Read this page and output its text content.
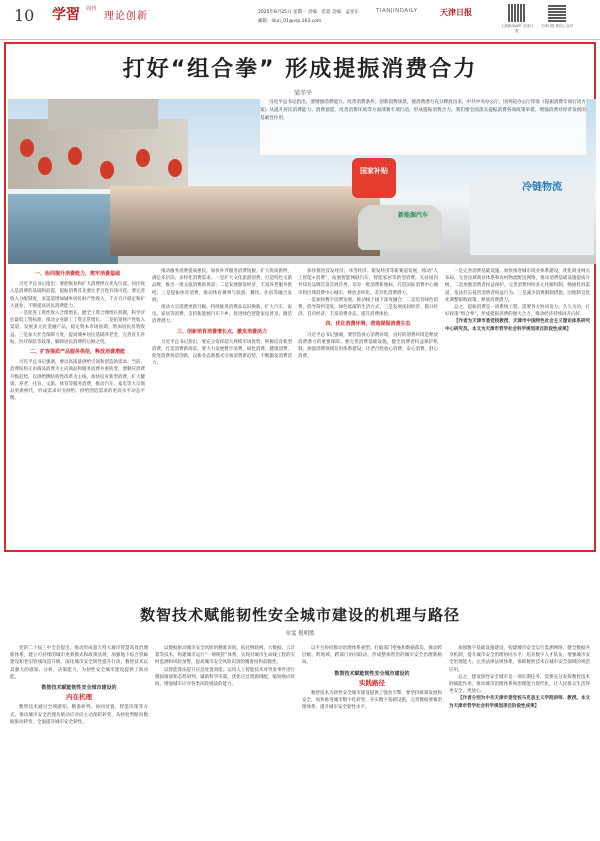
10 学習 周刊
理论创新	2025年8月25日 星期一 责编：范超 美编：孟宪东
邮箱：lilun_01@vip.163.com
TIANJINDAILY	天津日报
上游新闻APP 天津日报
天津日报 微信公众号
打好“组合拳” 形成提振消费合力
梁辛平
国家补贴
新能源汽车
冷链物流

习近平总书记指出，要增强消费能力，改善消费条件，创新消费场景，使消费潜力充分释放出来，中共中央办公厅、国务院办公厅印发《提振消费专项行动方案》从提升居民消费能力、消费意愿、改善消费环境等方面部署专项行动，形成提振消费合力。我们要全面落实提振消费各项政策举措，增强消费对经济发展的基础性作用。

一、协同提升消费能力，筑牢消费基础
习近平总书记指出：要把恢复和扩大消费摆在优先位置。居民收入是消费的基础和前提，提振消费首先要让老百姓有钱可花。要完善收入分配制度，多渠道增加城乡居民财产性收入，千方百计稳定和扩大就业，不断提高居民消费能力。
一是促进工资性收入合理增长。健全工资合理增长机制，科学评估最低工资标准，推动企业职工工资正常增长。二是拓宽财产性收入渠道，发展多元化金融产品，稳定资本市场预期，增加居民投资收益。三是加大社会保障力度，提高城乡居民基础养老金，完善育儿补贴、医疗保险等政策，解除居民消费的后顾之忧。
二、扩容提质产品服务供给，释放消费潜能
习近平总书记强调，要以高质量供给引领和创造新需求。当前，消费结构正由商品消费为主向商品和服务消费并重转变，要顺应消费升级趋势，以供给侧结构性改革为主线，加快培育新型消费，扩大健康、养老、托育、文旅、体育等服务消费，推动汽车、家电等大宗商品更新换代，形成需求牵引供给、供给创造需求的更高水平动态平衡。
推动服务消费提质惠民。加快补齐服务消费短板，扩大优质供给，满足多层次、多样化消费需求。一是扩大文化旅游消费，打造特色文旅品牌，推出一批文旅消费新场景；二是发展银发经济，丰富养老服务供给；三是提振体育消费，推动体育赛事与旅游、餐饮、住宿等融合发展。
推动大宗消费更新升级。持续推进消费品以旧换新，扩大汽车、家电、家居等消费，支持新能源汽车下乡，促进绿色智能家电普及，激活消费潜力。
三、创新培育消费增长点，激发消费活力
习近平总书记指出，要充分发挥超大规模市场优势，积极培育新型消费，打造消费新场景。要大力发展数字消费、绿色消费、健康消费，促进消费场景创新，以新业态新模式引领消费新趋势，不断激发消费活力。
加快推进首发经济、冰雪经济、银发经济等新赛道发展，推动“人工智能+消费”，拓展智能网联汽车、智能家居等新型消费。支持国内外知名品牌首发首展首秀，培育一批消费新地标，打造国际消费中心城市和区域消费中心城市，释放多样化、差异化消费潜力。
一是加快数字消费发展，推动线上线下深度融合；二是培育绿色消费，倡导简约适度、绿色低碳的生活方式；三是发展夜间经济、假日经济、首店经济，丰富消费业态，提升消费体验。
四、优化消费环境，营造提振消费生态
习近平总书记强调，要营造放心消费环境。良好的消费环境是释放消费潜力的重要保障。要完善消费基础设施，健全消费者权益保护机制，加强消费领域信用体系建设，让老百姓放心消费、安心消费、舒心消费。
一是完善消费基础设施。加快推进城市商业体系建设，优化商业网点布局，完善县域商业体系和农村物流配送网络，推动消费基础设施提质升级。二是加强消费者权益保护。完善消费纠纷多元化解机制，畅通投诉渠道，依法打击侵害消费者权益行为。三是减少消费限制措施。因地制宜优化调整限购政策，释放消费潜力。
总之，提振消费是一项系统工程，需要各方协同发力、久久为功，打好政策“组合拳”，形成提振消费的强大合力，推动经济持续回升向好。
【作者为天津市委党校教授、天津市中国特色社会主义理论体系研究中心研究员。本文为天津市哲学社会科学规划项目阶段性成果】
数智技术赋能韧性安全城市建设的机理与路径
章雯 倪明胜
党的二十届三中全会提出，推动形成超大特大城市智慧高效治理新体系，建立可持续的城市更新模式和政策法规，加强地下综合管廊建设和老旧管线改造升级，深化城市安全韧性提升行动。数智技术以其强大的感知、分析、决策能力，为韧性安全城市建设提供了新动能。
数智技术赋能韧性安全城市建设的
内在机理
数智技术通过全域感知、精准研判、协同处置、智能决策等方式，推动城市安全治理从被动应对向主动预防转变，从经验判断向数据驱动转变，全面提升城市安全韧性。
以数据驱动城市安全风险的精准识别。依托物联网、大数据、云计算等技术，构建城市运行“一网统管”体系，实现对城市生命线工程的实时监测和风险预警，提高城市安全风险识别的精准度和前瞻性。
以智能算法提升应急处置效能。运用人工智能技术对突发事件进行模拟推演和态势研判，辅助科学决策，优化应急资源调配，缩短响应时间，增强城市应对各类风险挑战的能力。
以平台协同推动治理体系重塑。打破部门壁垒和数据孤岛，推动跨层级、跨地域、跨部门协同联动，形成整体智治的城市安全治理新格局。
数智技术赋能韧性安全城市建设的
实践路径
数智技术为韧性安全城市建设提供了强劲引擎。要坚持统筹发展和安全，加快推进城市数字化转型，夯实数字基础设施，完善数据要素治理体系，提升城市安全韧性水平。
加强数字基础设施建设，构建城市安全运行监测网络；健全数据共享机制，提升城市安全治理协同水平；培育数字人才队伍，增强城市安全治理能力；完善法律法规体系，保障数智技术在城市安全领域的规范应用。
总之，建设韧性安全城市是一项长期任务，需要充分发挥数智技术的赋能作用，推动城市治理体系和治理能力现代化，让人民群众生活得更安全、更放心。
【作者分别为中共天津市委党校马克思主义学院讲师、教授。本文为天津市哲学社会科学规划项目阶段性成果】
